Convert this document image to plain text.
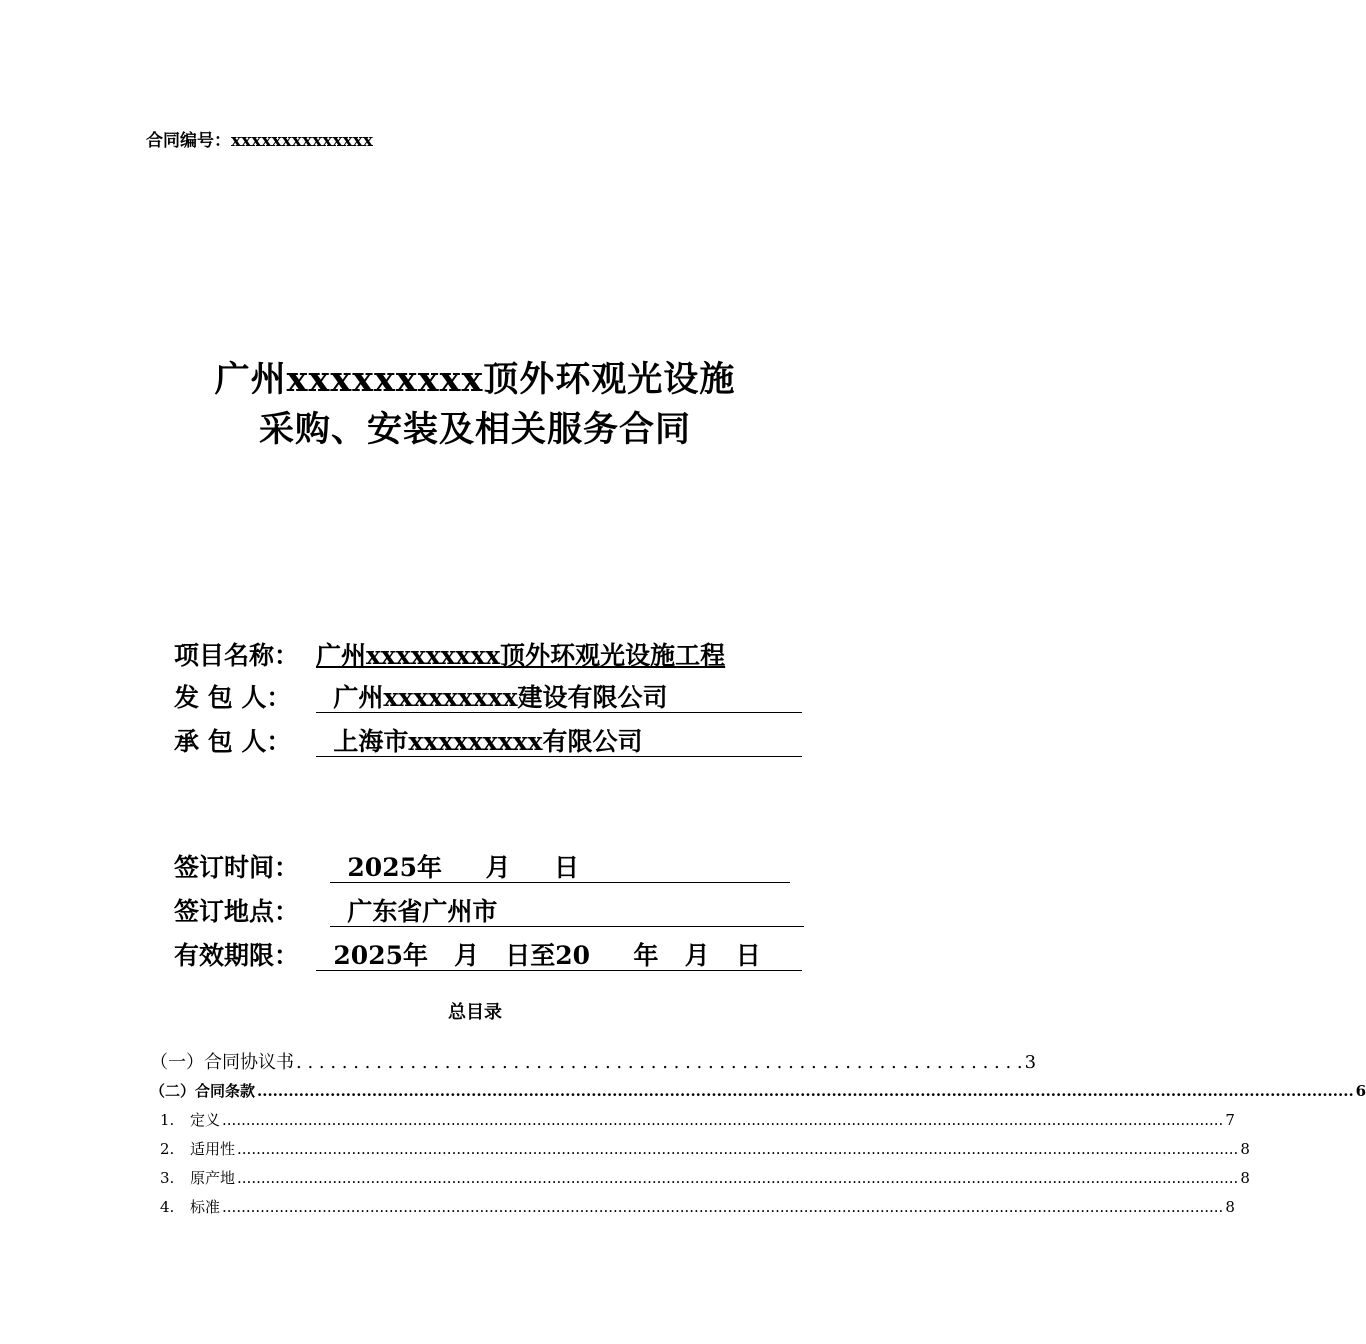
合同编号：xxxxxxxxxxxxxx
广州xxxxxxxxx顶外环观光设施
采购、安装及相关服务合同
项目名称： 广州xxxxxxxxx顶外环观光设施工程
发 包 人： 广州xxxxxxxxx建设有限公司
承 包 人： 上海市xxxxxxxxx有限公司
签订时间： 2025年     月     日
签订地点： 广东省广州市
有效期限： 2025年   月   日至20     年   月   日
总目录
（一）合同协议书 . . . . . . . . . . . . . . . . . . . . . . . . . . . . . . . . . . . . . . . . . . . . . . . . . . . . . . . . . . . . . . . . 3
（二）合同条款 .................................................................................................................................................................................................................. 6
1. 定义 .................................................................................................................................................................................................................. 7
2. 适用性 .................................................................................................................................................................................................................. 8
3. 原产地 .................................................................................................................................................................................................................. 8
4. 标准 .................................................................................................................................................................................................................. 8
